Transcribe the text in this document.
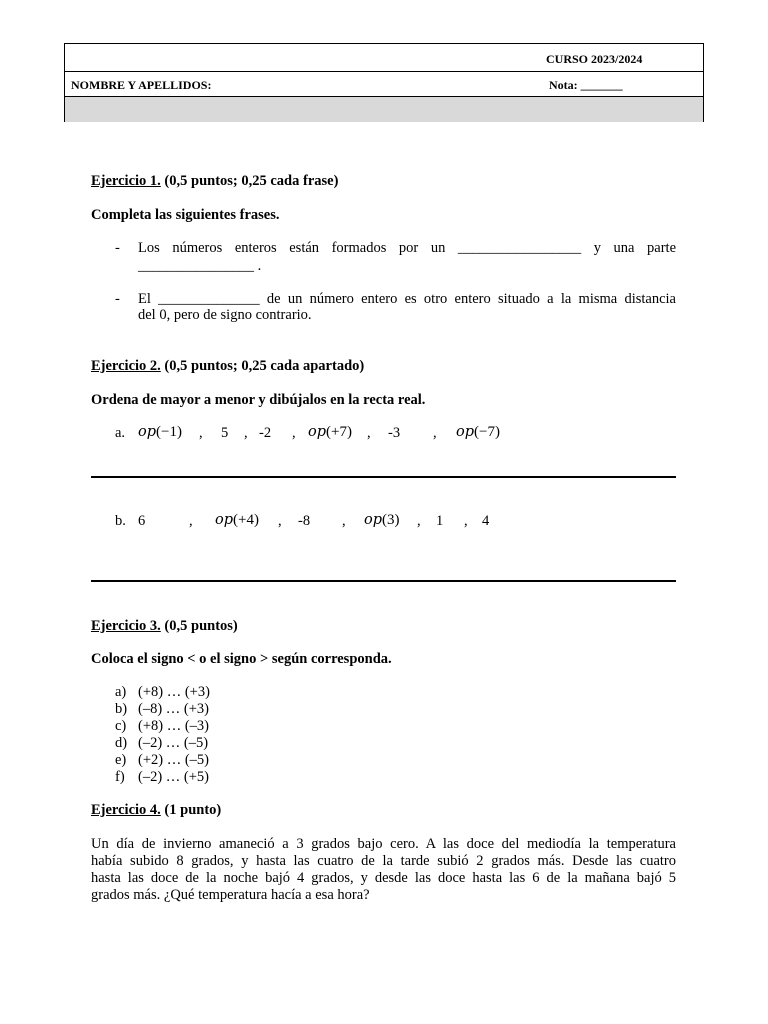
CURSO 2023/2024
NOMBRE Y APELLIDOS:	Nota: _______
Ejercicio 1. (0,5 puntos; 0,25 cada frase)
Completa las siguientes frases.
- Los números enteros están formados por un _________________ y una parte
________________ .
- El ______________ de un número entero es otro entero situado a la misma distancia
del 0, pero de signo contrario.
Ejercicio 2. (0,5 puntos; 0,25 cada apartado)
Ordena de mayor a menor y dibújalos en la recta real.
a. op(−1) , 5 , -2 , op(+7) , -3 , op(−7)
b. 6	, op(+4) , -8 , op(3) , 1 , 4
Ejercicio 3. (0,5 puntos)
Coloca el signo < o el signo > según corresponda.
a) (+8) … (+3)
b) (–8) … (+3)
c) (+8) … (–3)
d) (–2) … (–5)
e) (+2) … (–5)
f) (–2) … (+5)
Ejercicio 4. (1 punto)
Un día de invierno amaneció a 3 grados bajo cero. A las doce del mediodía la temperatura
había subido 8 grados, y hasta las cuatro de la tarde subió 2 grados más. Desde las cuatro
hasta las doce de la noche bajó 4 grados, y desde las doce hasta las 6 de la mañana bajó 5
grados más. ¿Qué temperatura hacía a esa hora?
